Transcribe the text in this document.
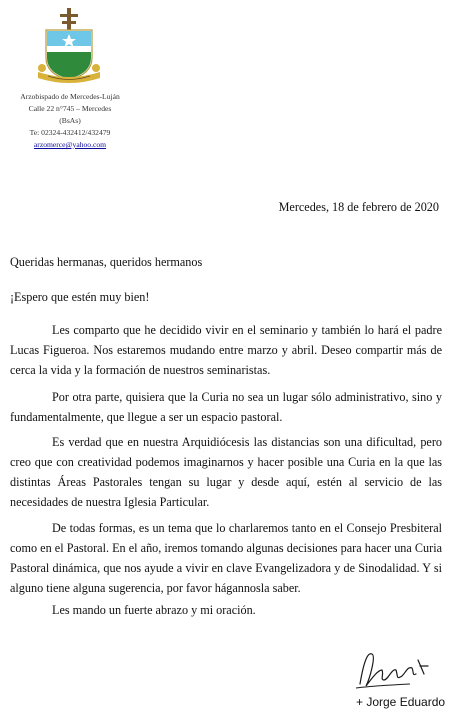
Arzobispado de Mercedes-Luján
Calle 22 n°745 – Mercedes
(BsAs)
Te: 02324-432412/432479
arzomerce@yahoo.com
Mercedes, 18 de febrero de 2020
Queridas hermanas, queridos hermanos
¡Espero que estén muy bien!
Les comparto que he decidido vivir en el seminario y también lo hará el padre Lucas Figueroa. Nos estaremos mudando entre marzo y abril. Deseo compartir más de cerca la vida y la formación de nuestros seminaristas.
Por otra parte, quisiera que la Curia no sea un lugar sólo administrativo, sino y fundamentalmente, que llegue a ser un espacio pastoral.
Es verdad que en nuestra Arquidiócesis las distancias son una dificultad, pero creo que con creatividad podemos imaginarnos y hacer posible una Curia en la que las distintas Áreas Pastorales tengan su lugar y desde aquí, estén al servicio de las necesidades de nuestra Iglesia Particular.
De todas formas, es un tema que lo charlaremos tanto en el Consejo Presbiteral como en el Pastoral. En el año, iremos tomando algunas decisiones para hacer una Curia Pastoral dinámica, que nos ayude a vivir en clave Evangelizadora y de Sinodalidad. Y si alguno tiene alguna sugerencia, por favor hágannosla saber.
Les mando un fuerte abrazo y mi oración.
+ Jorge Eduardo
